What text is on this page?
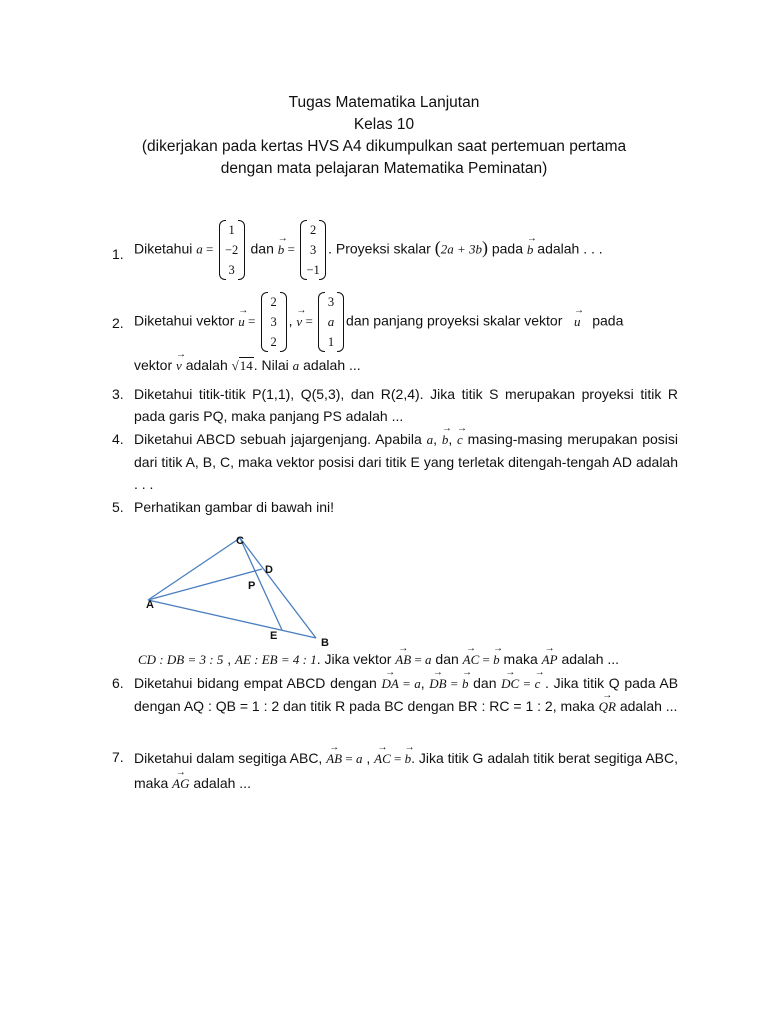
Tugas Matematika Lanjutan
Kelas 10
(dikerjakan pada kertas HVS A4 dikumpulkan saat pertemuan pertama
dengan mata pelajaran Matematika Peminatan)
1. Diketahui a =
1
−2
3
dan → b =
2
3
−1
. Proyeksi skalar (2a + 3b) pada → b adalah . . .
2. Diketahui vektor → u =
2
3
2
, → v =
3
a
1
dan panjang proyeksi skalar vektor → u pada
vektor → v adalah √14. Nilai a adalah ...
3. Diketahui titik-titik P(1,1), Q(5,3), dan R(2,4). Jika titik S merupakan proyeksi titik R pada garis PQ, maka panjang PS adalah ...
4. Diketahui ABCD sebuah jajargenjang. Apabila a, → b, → c masing-masing merupakan posisi dari titik A, B, C, maka vektor posisi dari titik E yang terletak ditengah-tengah AD adalah . . .
5. Perhatikan gambar di bawah ini!
C
D
P
A
E
B
CD : DB = 3 : 5 , AE : EB = 4 : 1. Jika vektor → AB = a dan → AC = → b maka → AP adalah ...
6. Diketahui bidang empat ABCD dengan → DA = a, → DB = → b dan → DC = → c . Jika titik Q pada AB dengan AQ : QB = 1 : 2 dan titik R pada BC dengan BR : RC = 1 : 2, maka → QR adalah ...
7. Diketahui dalam segitiga ABC, → AB = a , → AC = → b. Jika titik G adalah titik berat segitiga ABC, maka → AG adalah ...
